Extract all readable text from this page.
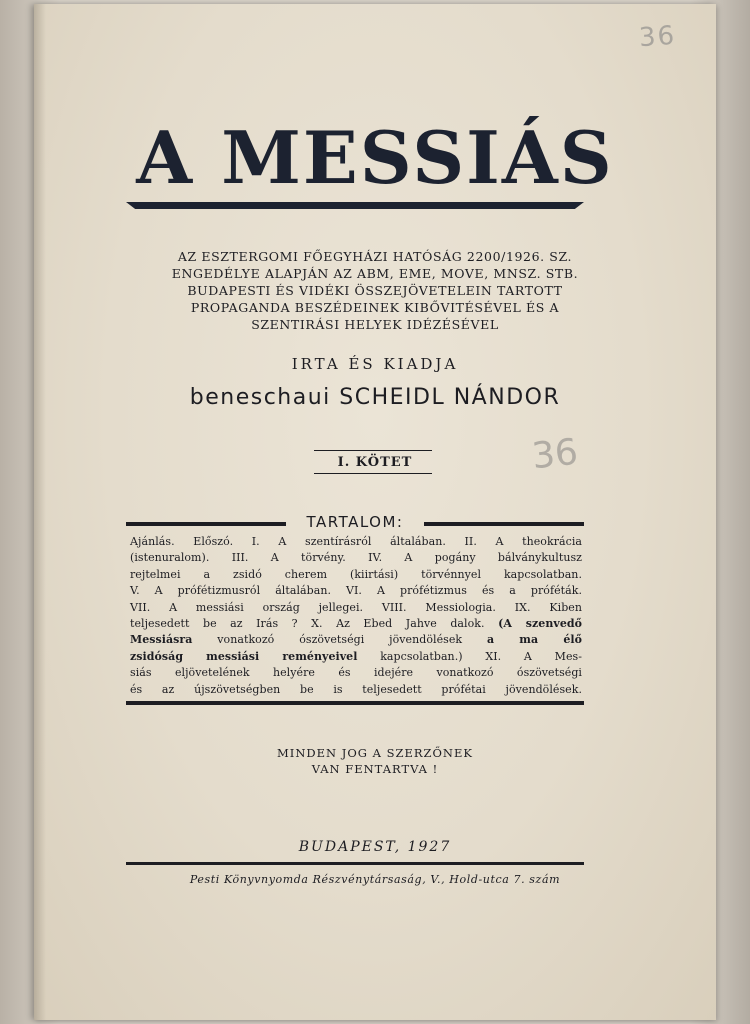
36
36
A MESSIÁS
AZ ESZTERGOMI FŐEGYHÁZI HATÓSÁG 2200/1926. SZ.
ENGEDÉLYE ALAPJÁN AZ ABM, EME, MOVE, MNSZ. STB.
BUDAPESTI ÉS VIDÉKI ÖSSZEJÖVETELEIN TARTOTT
PROPAGANDA BESZÉDEINEK KIBŐVITÉSÉVEL ÉS A
SZENTIRÁSI HELYEK IDÉZÉSÉVEL
IRTA ÉS KIADJA
beneschaui SCHEIDL NÁNDOR
I. KÖTET
TARTALOM:
Ajánlás. Előszó. I. A szentírásról általában. II. A theokrácia
(istenuralom). III. A törvény. IV. A pogány bálványkultusz
rejtelmei a zsidó cherem (kiirtási) törvénnyel kapcsolatban.
V. A prófétizmusról általában. VI. A prófétizmus és a próféták.
VII. A messiási ország jellegei. VIII. Messiologia. IX. Kiben
teljesedett be az Irás ? X. Az Ebed Jahve dalok. (A szenvedő
Messiásra vonatkozó ószövetségi jövendölések a ma élő
zsidóság messiási reményeivel kapcsolatban.) XI. A Mes-
siás eljövetelének helyére és idejére vonatkozó ószövetségi
és az újszövetségben be is teljesedett prófétai jövendölések.
MINDEN JOG A SZERZŐNEK
VAN FENTARTVA !
BUDAPEST, 1927
Pesti Könyvnyomda Részvénytársaság, V., Hold-utca 7. szám
